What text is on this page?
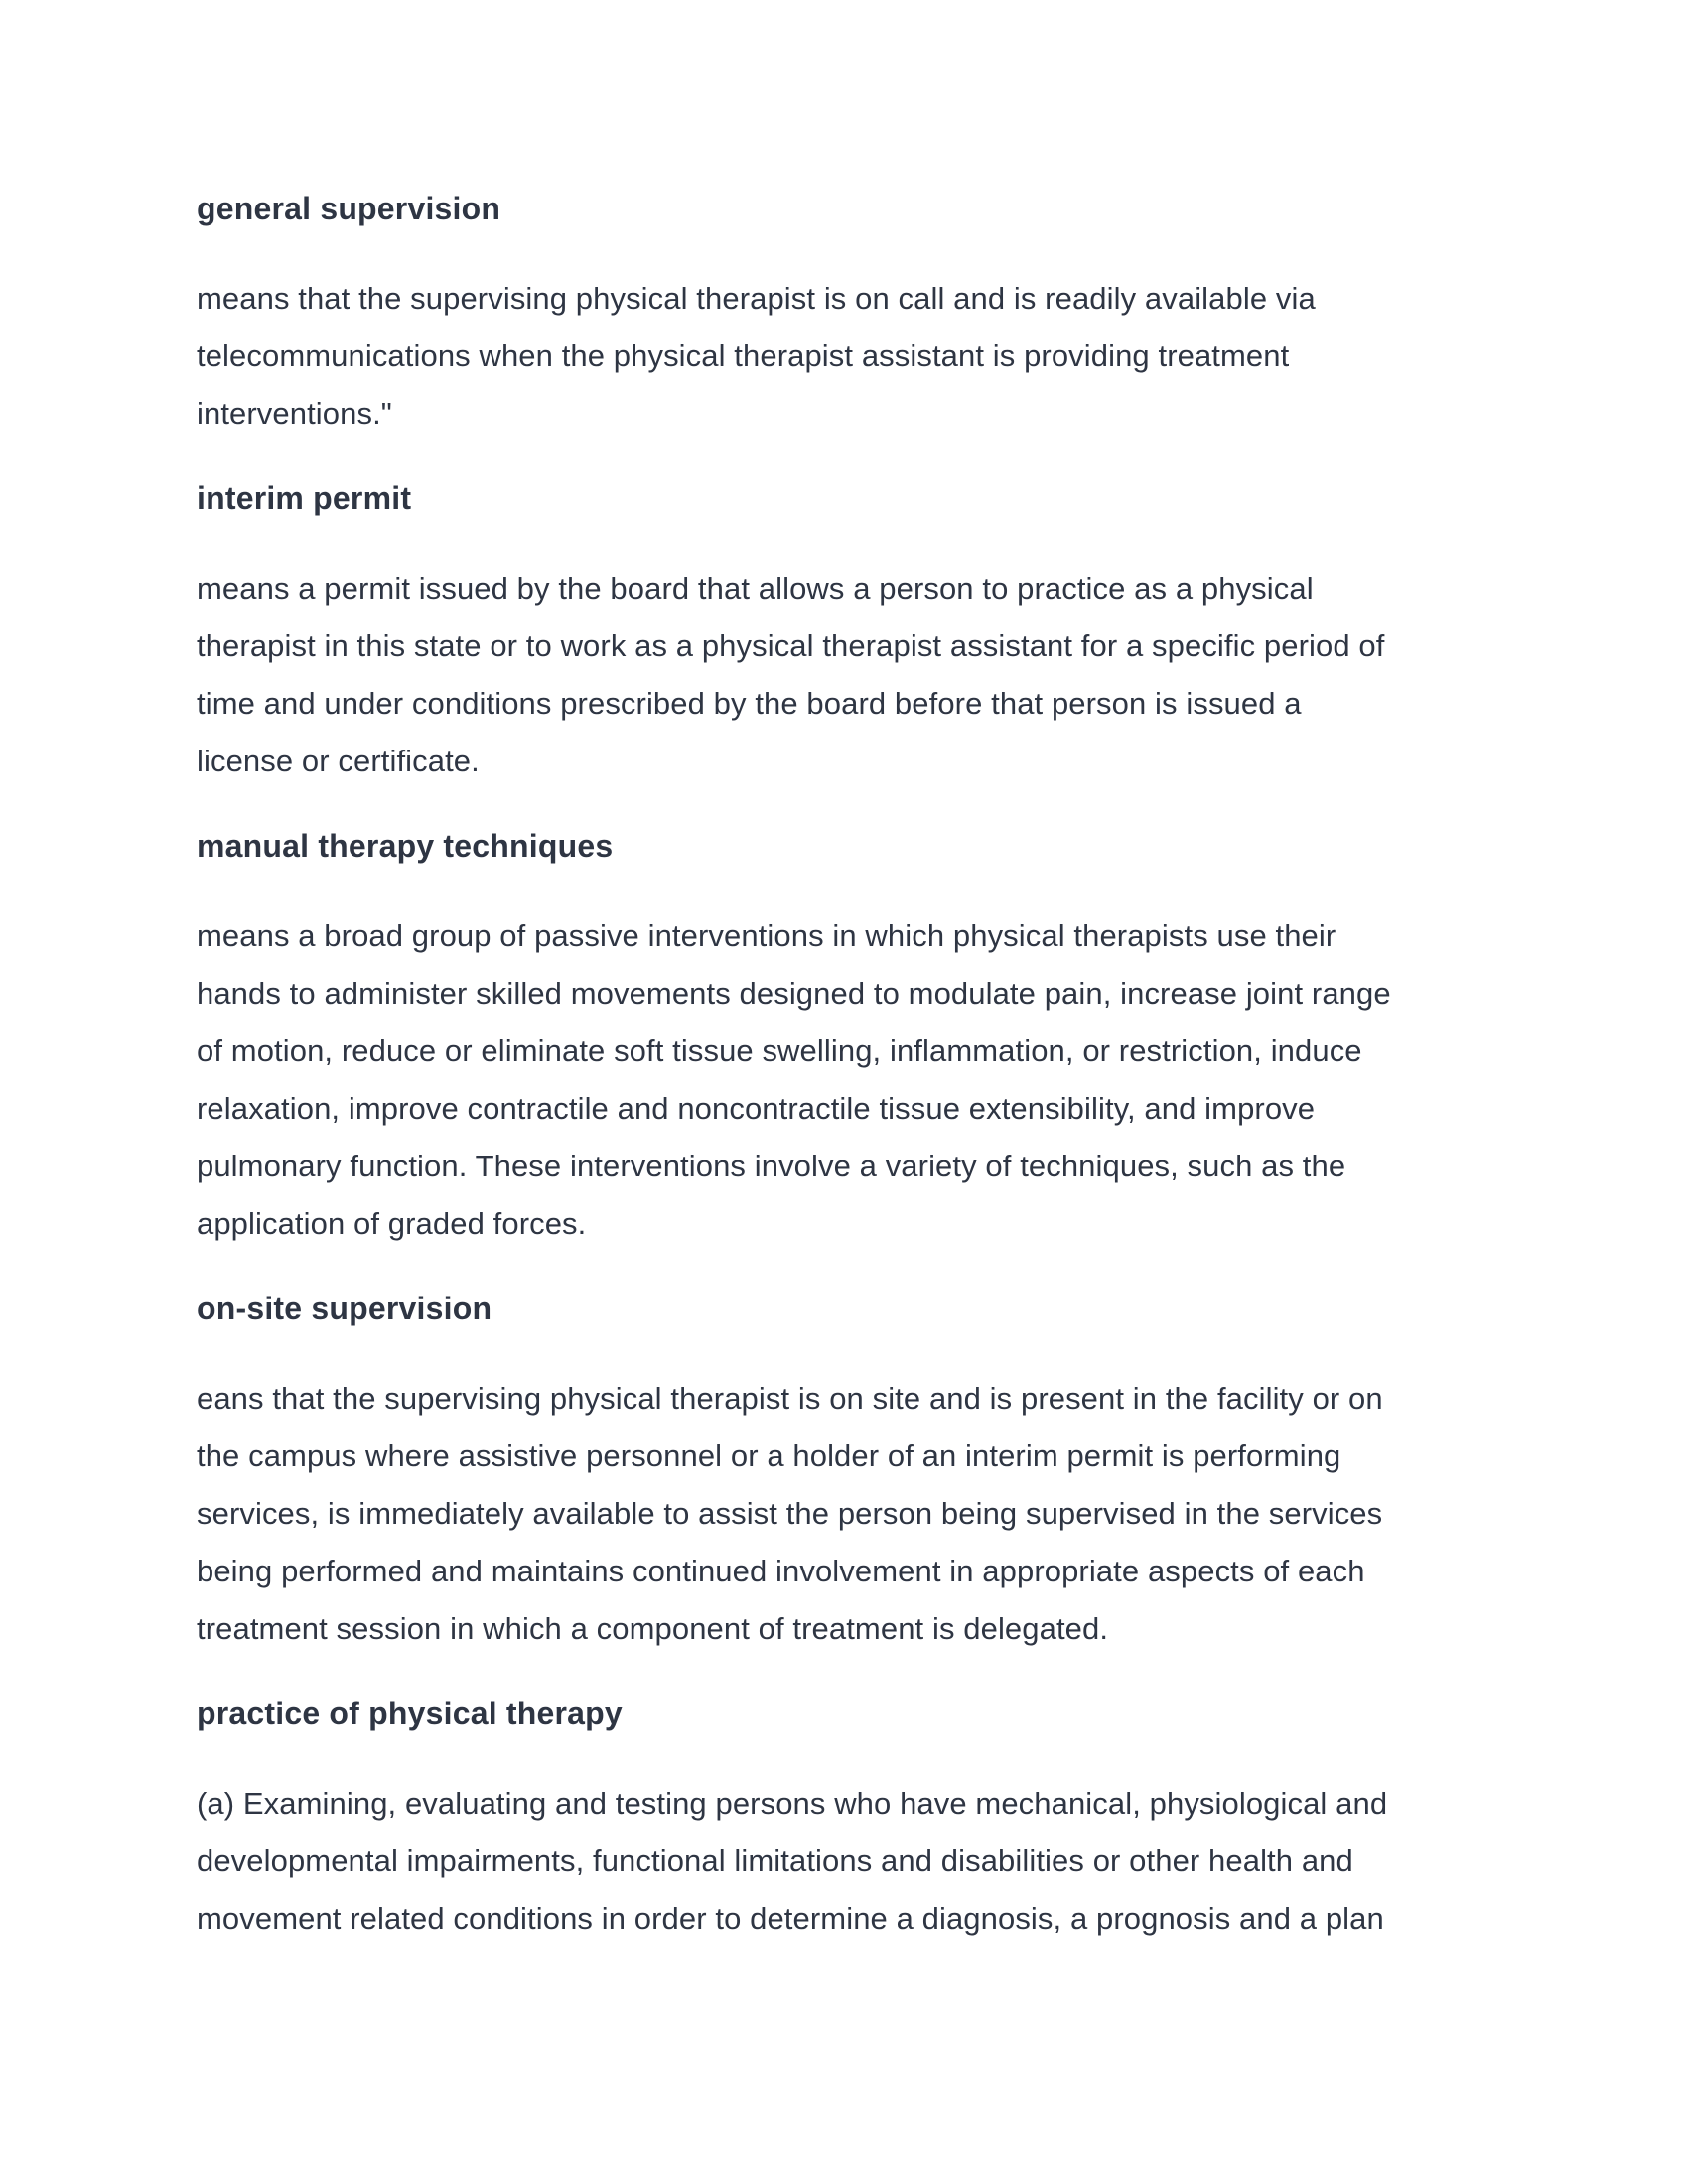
general supervision

means that the supervising physical therapist is on call and is readily available via
telecommunications when the physical therapist assistant is providing treatment
interventions."

interim permit

means a permit issued by the board that allows a person to practice as a physical
therapist in this state or to work as a physical therapist assistant for a specific period of
time and under conditions prescribed by the board before that person is issued a
license or certificate.

manual therapy techniques

means a broad group of passive interventions in which physical therapists use their
hands to administer skilled movements designed to modulate pain, increase joint range
of motion, reduce or eliminate soft tissue swelling, inflammation, or restriction, induce
relaxation, improve contractile and noncontractile tissue extensibility, and improve
pulmonary function. These interventions involve a variety of techniques, such as the
application of graded forces.

on-site supervision

eans that the supervising physical therapist is on site and is present in the facility or on
the campus where assistive personnel or a holder of an interim permit is performing
services, is immediately available to assist the person being supervised in the services
being performed and maintains continued involvement in appropriate aspects of each
treatment session in which a component of treatment is delegated.

practice of physical therapy

(a) Examining, evaluating and testing persons who have mechanical, physiological and
developmental impairments, functional limitations and disabilities or other health and
movement related conditions in order to determine a diagnosis, a prognosis and a plan
